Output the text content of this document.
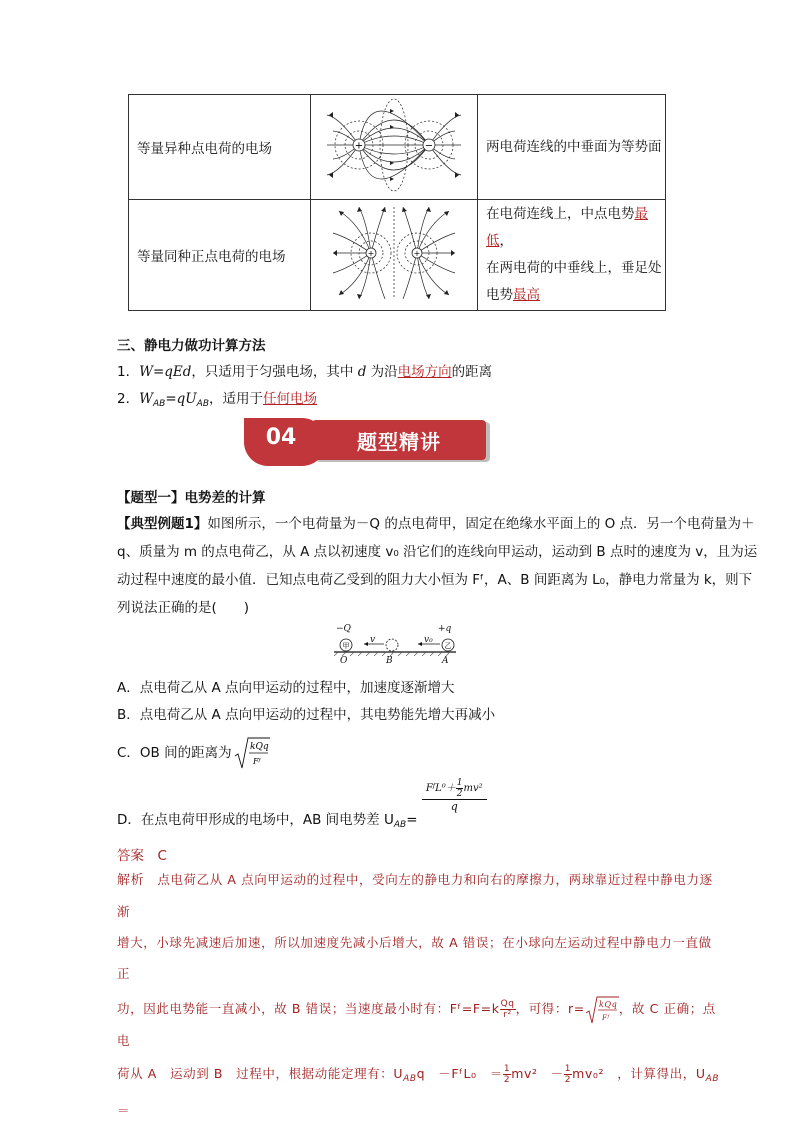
等量异种点电荷的电场	+ −	两电荷连线的中垂面为等势面
等量同种正点电荷的电场	+ +	在电荷连线上，中点电势最低，
在两电荷的中垂线上，垂足处
电势最高
三、静电力做功计算方法
1．W=qEd，只适用于匀强电场，其中 d 为沿电场方向的距离
2．$W_{AB}=qU_{AB}$，适用于任何电场
04	题型精讲
【题型一】电势差的计算
【典型例题1】如图所示，一个电荷量为－Q 的点电荷甲，固定在绝缘水平面上的 O 点．另一个电荷量为＋
q、质量为 m 的点电荷乙，从 A 点以初速度 v₀ 沿它们的连线向甲运动，运动到 B 点时的速度为 v，且为运
动过程中速度的最小值．已知点电荷乙受到的阻力大小恒为 Fᶠ，A、B 间距离为 L₀，静电力常量为 k，则下
列说法正确的是(　　)
−Q	+q
v	v₀
O	B	A
甲	乙
A．点电荷乙从 A 点向甲运动的过程中，加速度逐渐增大
B．点电荷乙从 A 点向甲运动的过程中，其电势能先增大再减小
C．OB 间的距离为 kQq
Fᶠ
D．在点电荷甲形成的电场中，AB 间电势差 $U_{AB}=$
FᶠL⁰＋ $\frac{1}{2} mv^2$
q
答案　 C
解析　 点电荷乙从 A 点向甲运动的过程中，受向左的静电力和向右的摩擦力，两球靠近过程中静电力逐渐
增大，小球先减速后加速，所以加速度先减小后增大，故 A 错误；在小球向左运动过程中静电力一直做正
功，因此电势能一直减小，故 B 错误；当速度最小时有：Fᶠ=F=k $\frac{Qq}{\text{r²}}$ ，可得：r= kQq
Fᶠ
，故 C 正确；点电
荷从 A　运动到 B　过程中，根据动能定理有：$U_{AB}q$　－FᶠL₀　＝ $\frac{1}{2} mv^2$　－ $\frac{1}{2} mv_0^2$　，计算得出，$U_{AB}$　＝
